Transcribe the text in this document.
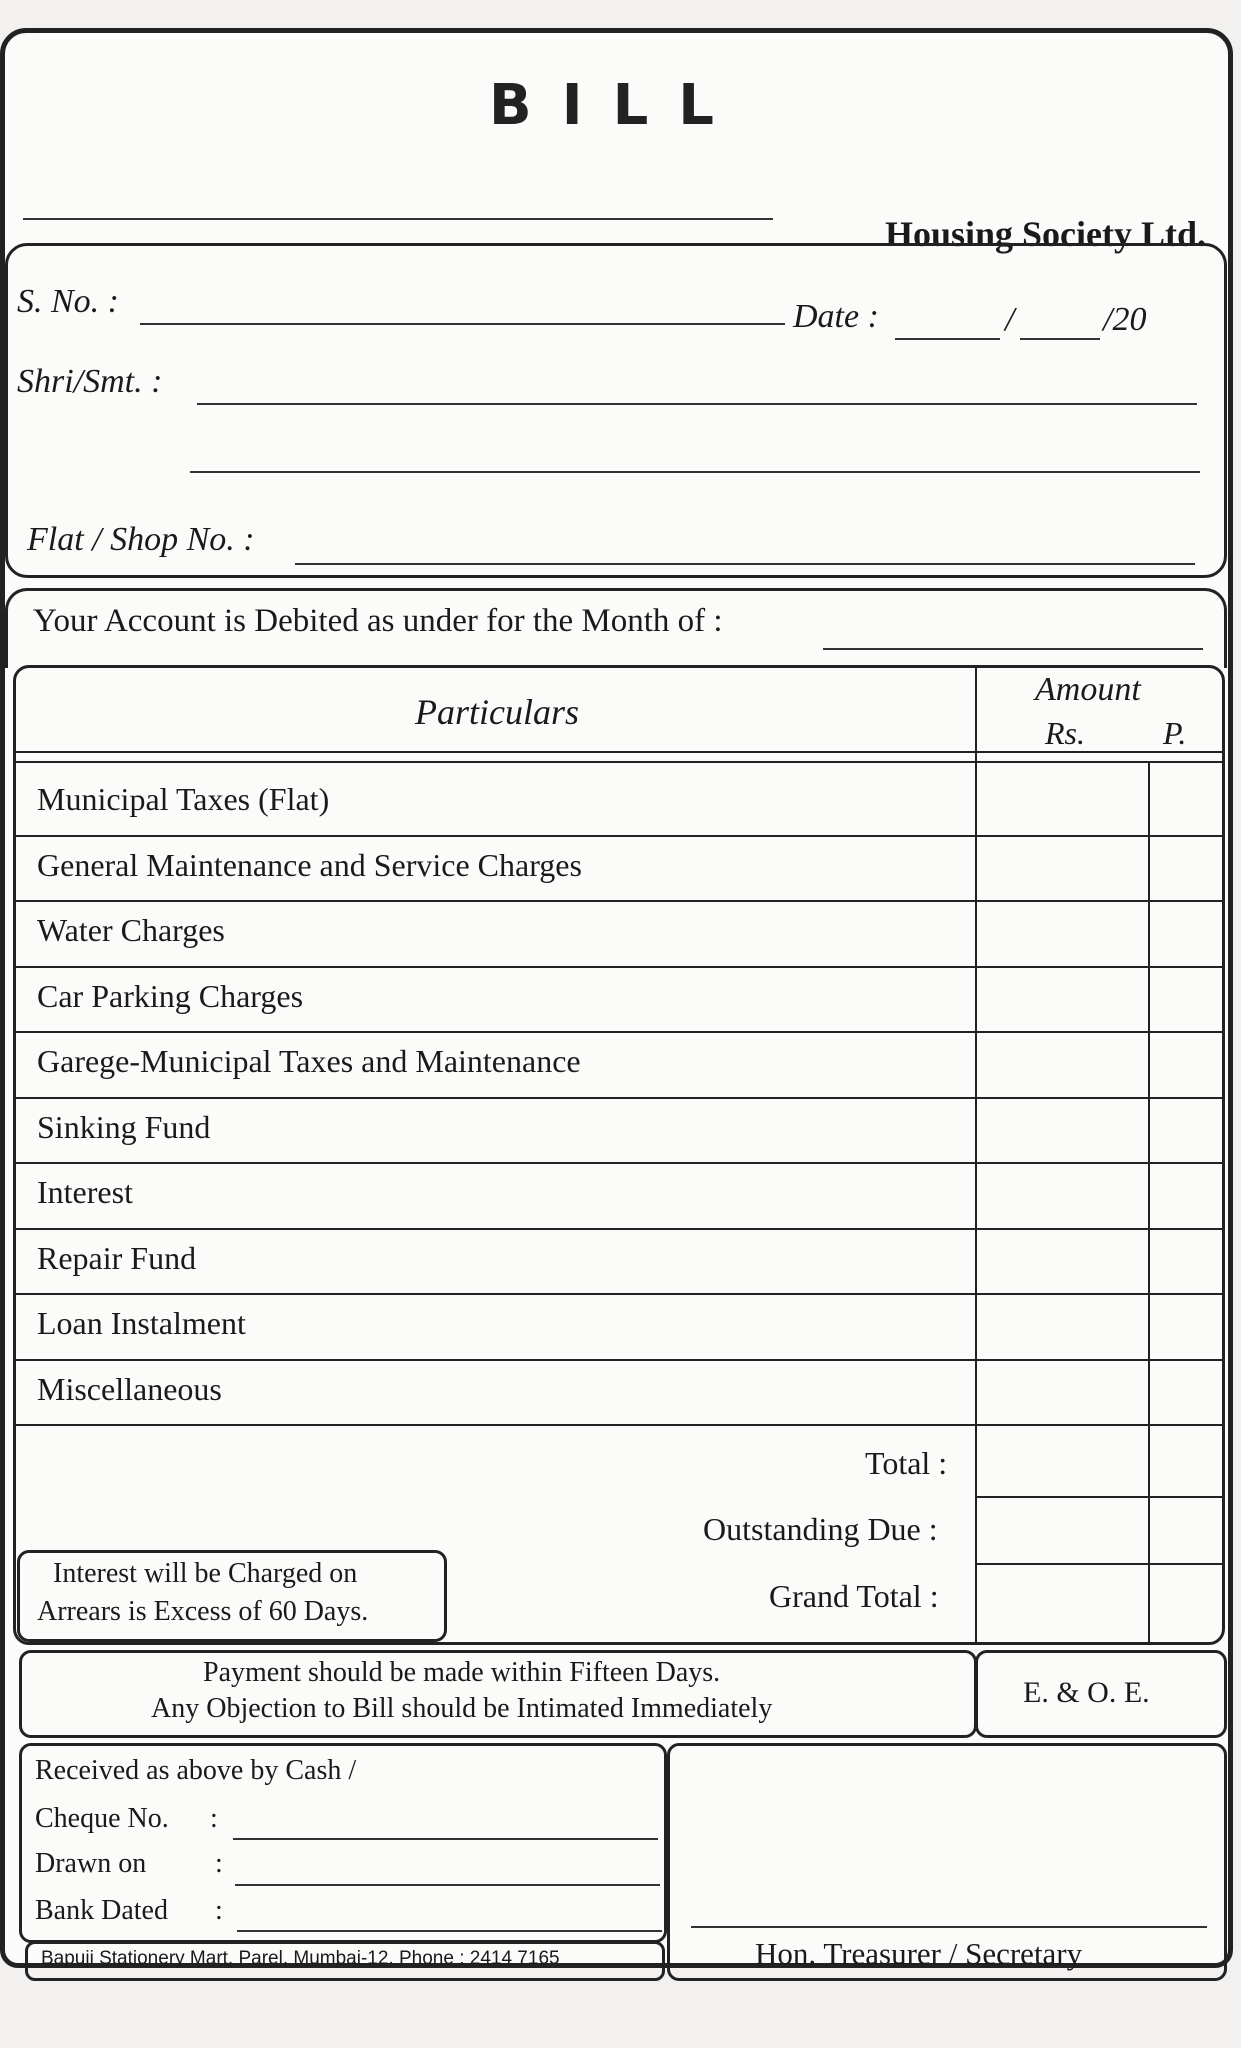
BILL
Housing Society Ltd.
S. No. :	Date :	/	/20
Shri/Smt. :
Flat / Shop No. :
Your Account is Debited as under for the Month of :
Particulars
Amount
Rs. P.
Municipal Taxes (Flat)
General Maintenance and Service Charges
Water Charges
Car Parking Charges
Garege-Municipal Taxes and Maintenance
Sinking Fund
Interest
Repair Fund
Loan Instalment
Miscellaneous
Total :
Outstanding Due :
Grand Total :
Interest will be Charged on
Arrears is Excess of 60 Days.
Payment should be made within Fifteen Days.
Any Objection to Bill should be Intimated Immediately	E. & O. E.
Received as above by Cash /
Cheque No. :
Drawn on :
Bank Dated :
Bapuji Stationery Mart, Parel, Mumbai-12. Phone : 2414 7165	Hon. Treasurer / Secretary
